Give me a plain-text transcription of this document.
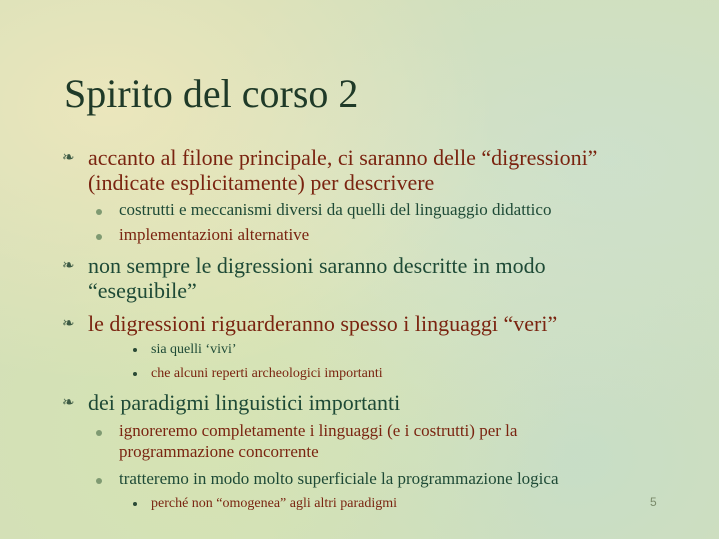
Spirito del corso 2
❧ accanto al filone principale, ci saranno delle “digressioni”
(indicate esplicitamente) per descrivere
costrutti e meccanismi diversi da quelli del linguaggio didattico
implementazioni alternative
❧ non sempre le digressioni saranno descritte in modo
“eseguibile”
❧ le digressioni riguarderanno spesso i linguaggi “veri”
sia quelli ‘vivi’
che alcuni reperti archeologici importanti
❧ dei paradigmi linguistici importanti
ignoreremo completamente i linguaggi (e i costrutti) per la
programmazione concorrente
tratteremo in modo molto superficiale la programmazione logica
perché non “omogenea” agli altri paradigmi	5
